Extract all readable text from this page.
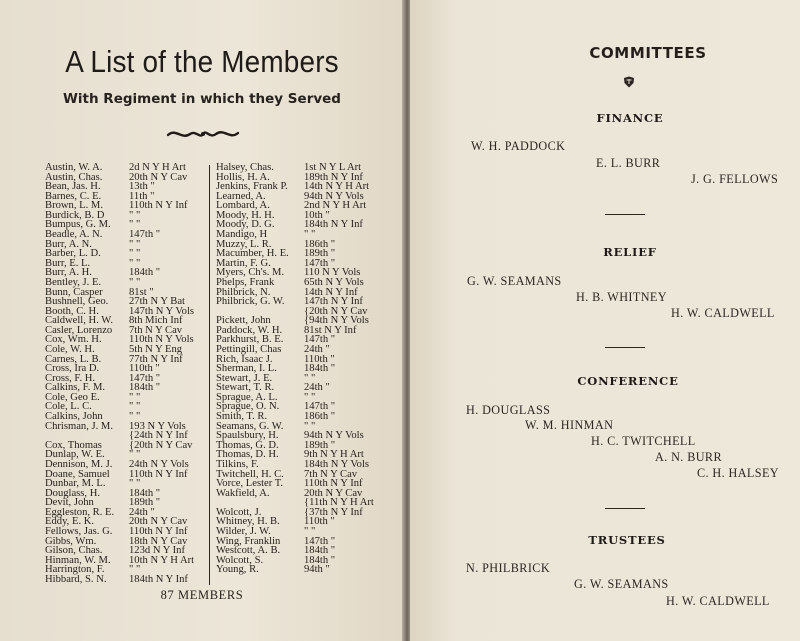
A List of the Members
With Regiment in which they Served
Austin, W. A.	2d N Y H Art
Austin, Chas.	20th N Y Cav
Bean, Jas. H.	13th "
Barnes, C. E.	11th "
Brown, L. M. 110th N Y Inf
Burdick, B. D " "
Bumpus, G. M. " "
Beadle, A. N.	147th "
Burr, A. N.	" "
Barber, L. D.	" "
Burr, E. L.	" "
Burr, A. H.	184th "
Bentley, J. E.	" "
Bunn, Casper 81st "
Bushnell, Geo. 27th N Y Bat
Booth, C. H.	147th N Y Vols
Caldwell, H. W. 8th Mich Inf
Casler, Lorenzo 7th N Y Cav
Cox, Wm. H.	110th N Y Vols
Cole, W. H.	5th N Y Eng
Carnes, L. B.	77th N Y Inf
Cross, Ira D.	110th "
Cross, F. H.	147th "
Calkins, F. M. 184th "
Cole, Geo E.	" "
Cole, L. C.	" "
Calkins, John " "
Chrisman, J. M. 193 N Y Vols
{24th N Y Inf
Cox, Thomas	{20th N Y Cav
Dunlap, W. E. " "
Dennison, M. J. 24th N Y Vols
Doane, Samuel 110th N Y Inf
Dunbar, M. L. " "
Douglass, H.	184th "
Devit, John	189th "
Eggleston, R. E. 24th "
Eddy, E. K.	20th N Y Cav
Fellows, Jas. G. 110th N Y Inf
Gibbs, Wm.	18th N Y Cav
Gilson, Chas.	123d N Y Inf
Hinman, W. M. 10th N Y H Art
Harrington, F. " "
Hibbard, S. N. 184th N Y Inf
Halsey, Chas.	1st N Y L Art
Hollis, H. A.	189th N Y Inf
Jenkins, Frank P. 14th N Y H Art
Learned, A.	94th N Y Vols
Lombard, A.	2nd N Y H Art
Moody, H. H.	10th "
Moody, D. G.	184th N Y Inf
Mandigo, H	" "
Muzzy, L. R.	186th "
Macumber, H. E. 189th "
Martin, F. G.	147th "
Myers, Ch's. M. 110 N Y Vols
Phelps, Frank	65th N Y Vols
Philbrick, N.	14th N Y Inf
Philbrick, G. W. 147th N Y Inf
{20th N Y Cav
Pickett, John	{94th N Y Vols
Paddock, W. H. 81st N Y Inf
Parkhurst, B. E. 147th "
Pettingill, Chas 24th "
Rich, Isaac J.	110th "
Sherman, I. L.	184th "
Stewart, J. E.	" "
Stewart, T. R.	24th "
Sprague, A. L.	" "
Sprague, O. N. 147th "
Smith, T. R.	186th "
Seamans, G. W. " "
Spaulsbury, H. 94th N Y Vols
Thomas, G. D. 189th "
Thomas, D. H. 9th N Y H Art
Tilkins, F.	184th N Y Vols
Twitchell, H. C. 7th N Y Cav
Vorce, Lester T. 110th N Y Inf
Wakfield, A.	20th N Y Cav
{11th N Y H Art
Wolcott, J.	{37th N Y Inf
Whitney, H. B. 110th "
Wilder, J. W.	" "
Wing, Franklin 147th "
Westcott, A. B. 184th "
Wolcott, S.	184th "
Young, R.	94th "
87 MEMBERS
COMMITTEES
FINANCE
W. H. PADDOCK
E. L. BURR
J. G. FELLOWS
RELIEF
G. W. SEAMANS
H. B. WHITNEY
H. W. CALDWELL
CONFERENCE
H. DOUGLASS
W. M. HINMAN
H. C. TWITCHELL
A. N. BURR
C. H. HALSEY
TRUSTEES
N. PHILBRICK
G. W. SEAMANS
H. W. CALDWELL
